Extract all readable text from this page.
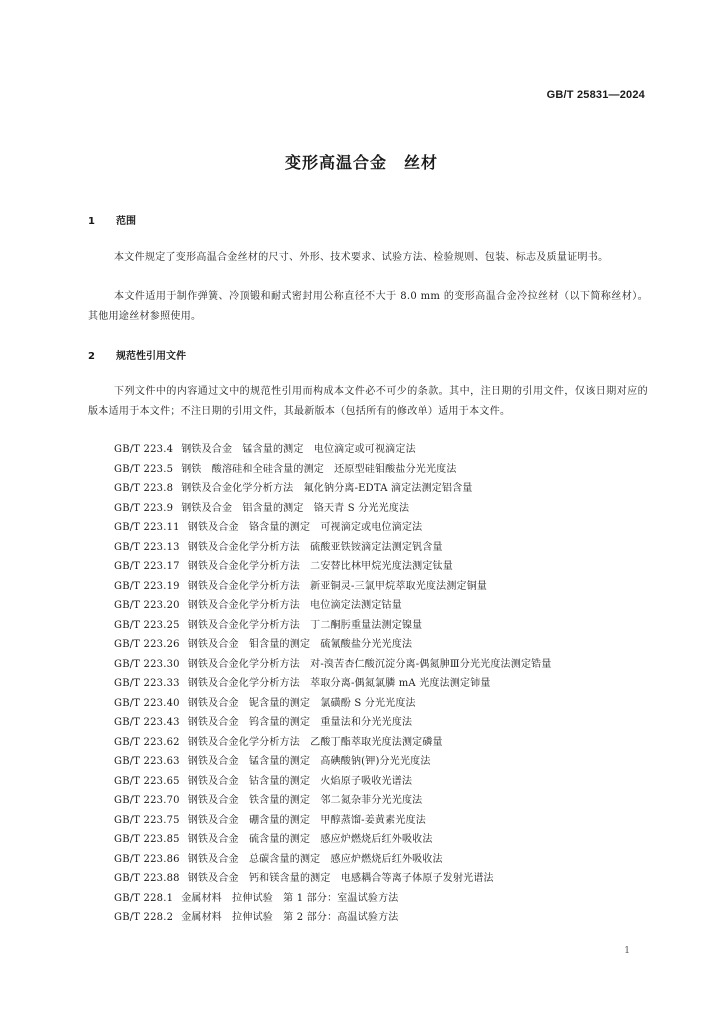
GB/T 25831—2024
变形高温合金　丝材
1 范围
本文件规定了变形高温合金丝材的尺寸、外形、技术要求、试验方法、检验规则、包装、标志及质量证明书。
本文件适用于制作弹簧、冷顶锻和耐式密封用公称直径不大于 8.0 mm 的变形高温合金冷拉丝材（以下简称丝材）。其他用途丝材参照使用。
2 规范性引用文件
下列文件中的内容通过文中的规范性引用而构成本文件必不可少的条款。其中，注日期的引用文件，仅该日期对应的版本适用于本文件；不注日期的引用文件，其最新版本（包括所有的修改单）适用于本文件。
GB/T 223.4 钢铁及合金　锰含量的测定　电位滴定或可视滴定法
GB/T 223.5 钢铁　酸溶硅和全硅含量的测定　还原型硅钼酸盐分光光度法
GB/T 223.8 钢铁及合金化学分析方法　氟化钠分离-EDTA 滴定法测定铝含量
GB/T 223.9 钢铁及合金　铝含量的测定　铬天青 S 分光光度法
GB/T 223.11 钢铁及合金　铬含量的测定　可视滴定或电位滴定法
GB/T 223.13 钢铁及合金化学分析方法　硫酸亚铁铵滴定法测定钒含量
GB/T 223.17 钢铁及合金化学分析方法　二安替比林甲烷光度法测定钛量
GB/T 223.19 钢铁及合金化学分析方法　新亚铜灵-三氯甲烷萃取光度法测定铜量
GB/T 223.20 钢铁及合金化学分析方法　电位滴定法测定钴量
GB/T 223.25 钢铁及合金化学分析方法　丁二酮肟重量法测定镍量
GB/T 223.26 钢铁及合金　钼含量的测定　硫氰酸盐分光光度法
GB/T 223.30 钢铁及合金化学分析方法　对-溴苦杏仁酸沉淀分离-偶氮胂Ⅲ分光光度法测定锆量
GB/T 223.33 钢铁及合金化学分析方法　萃取分离-偶氮氯膦 mA 光度法测定铈量
GB/T 223.40 钢铁及合金　铌含量的测定　氯磺酚 S 分光光度法
GB/T 223.43 钢铁及合金　钨含量的测定　重量法和分光光度法
GB/T 223.62 钢铁及合金化学分析方法　乙酸丁酯萃取光度法测定磷量
GB/T 223.63 钢铁及合金　锰含量的测定　高碘酸钠(钾)分光光度法
GB/T 223.65 钢铁及合金　钴含量的测定　火焰原子吸收光谱法
GB/T 223.70 钢铁及合金　铁含量的测定　邻二氮杂菲分光光度法
GB/T 223.75 钢铁及合金　硼含量的测定　甲醇蒸馏-姜黄素光度法
GB/T 223.85 钢铁及合金　硫含量的测定　感应炉燃烧后红外吸收法
GB/T 223.86 钢铁及合金　总碳含量的测定　感应炉燃烧后红外吸收法
GB/T 223.88 钢铁及合金　钙和镁含量的测定　电感耦合等离子体原子发射光谱法
GB/T 228.1 金属材料　拉伸试验　第 1 部分：室温试验方法
GB/T 228.2 金属材料　拉伸试验　第 2 部分：高温试验方法
1
